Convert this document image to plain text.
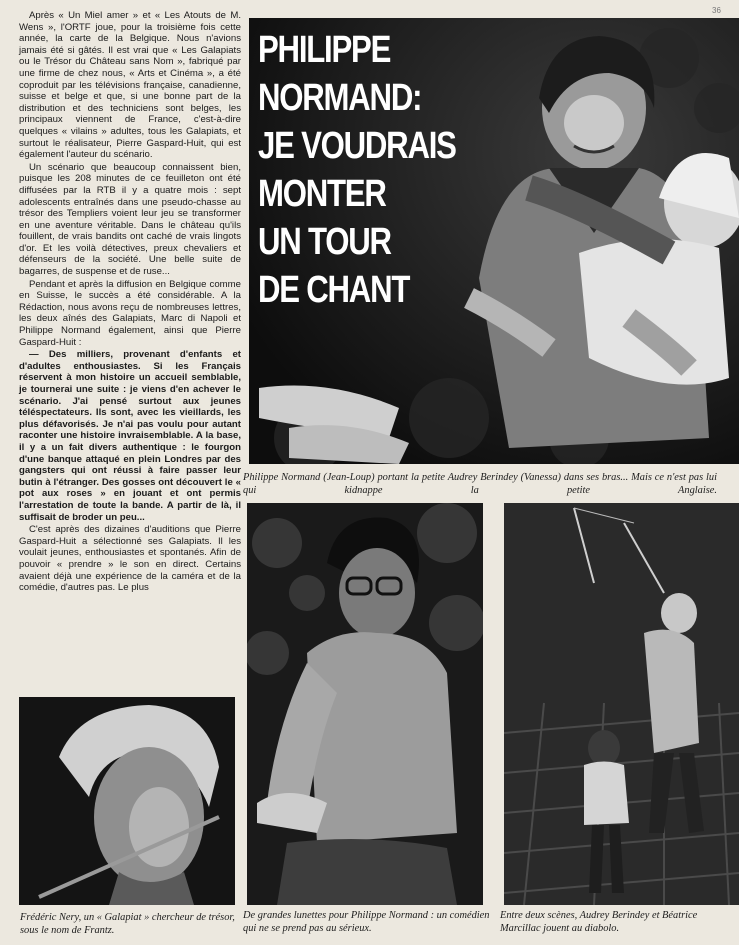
36

Après « Un Miel amer » et « Les Atouts de M. Wens », l'ORTF joue, pour la troisième fois cette année, la carte de la Belgique. Nous n'avions jamais été si gâtés. Il est vrai que « Les Galapiats ou le Trésor du Château sans Nom », fabriqué par une firme de chez nous, « Arts et Cinéma », a été coproduit par les télévisions française, canadienne, suisse et belge et que, si une bonne part de la distribution et des techniciens sont belges, les principaux viennent de France, c'est-à-dire quelques « vilains » adultes, tous les Galapiats, et surtout le réalisateur, Pierre Gaspard-Huit, qui est également l'auteur du scénario.

Un scénario que beaucoup connaissent bien, puisque les 208 minutes de ce feuilleton ont été diffusées par la RTB il y a quatre mois : sept adolescents entraînés dans une pseudo-chasse au trésor des Templiers voient leur jeu se transformer en une aventure véritable. Dans le château qu'ils fouillent, de vrais bandits ont caché de vrais lingots d'or. Et les voilà détectives, preux chevaliers et défenseurs de la société. Une belle suite de bagarres, de suspense et de ruse...

Pendant et après la diffusion en Belgique comme en Suisse, le succès a été considérable. A la Rédaction, nous avons reçu de nombreuses lettres, les deux aînés des Galapiats, Marc di Napoli et Philippe Normand également, ainsi que Pierre Gaspard-Huit :

— Des milliers, provenant d'enfants et d'adultes enthousiastes. Si les Français réservent à mon histoire un accueil semblable, je tournerai une suite : je viens d'en achever le scénario. J'ai pensé surtout aux jeunes téléspectateurs. Ils sont, avec les vieillards, les plus défavorisés. Je n'ai pas voulu pour autant raconter une histoire invraisemblable. A la base, il y a un fait divers authentique : le fourgon d'une banque attaqué en plein Londres par des gangsters qui ont réussi à faire passer leur butin à l'étranger. Des gosses ont découvert le « pot aux roses » en jouant et ont permis l'arrestation de toute la bande. A partir de là, il suffisait de broder un peu...

C'est après des dizaines d'auditions que Pierre Gaspard-Huit a sélectionné ses Galapiats. Il les voulait jeunes, enthousiastes et spontanés. Afin de pouvoir « prendre » le son en direct. Certains avaient déjà une expérience de la caméra et de la comédie, d'autres pas. Le plus

PHILIPPE
NORMAND:
JE VOUDRAIS
MONTER
UN TOUR
DE CHANT
Philippe Normand (Jean-Loup) portant la petite Audrey Berindey (Vanessa) dans ses bras... Mais ce n'est pas lui qui kidnappe la petite Anglaise.
Frédéric Nery, un « Galapiat » chercheur de trésor, sous le nom de Frantz.
De grandes lunettes pour Philippe Normand : un comédien qui ne se prend pas au sérieux.
Entre deux scènes, Audrey Berindey et Béatrice Marcillac jouent au diabolo.
